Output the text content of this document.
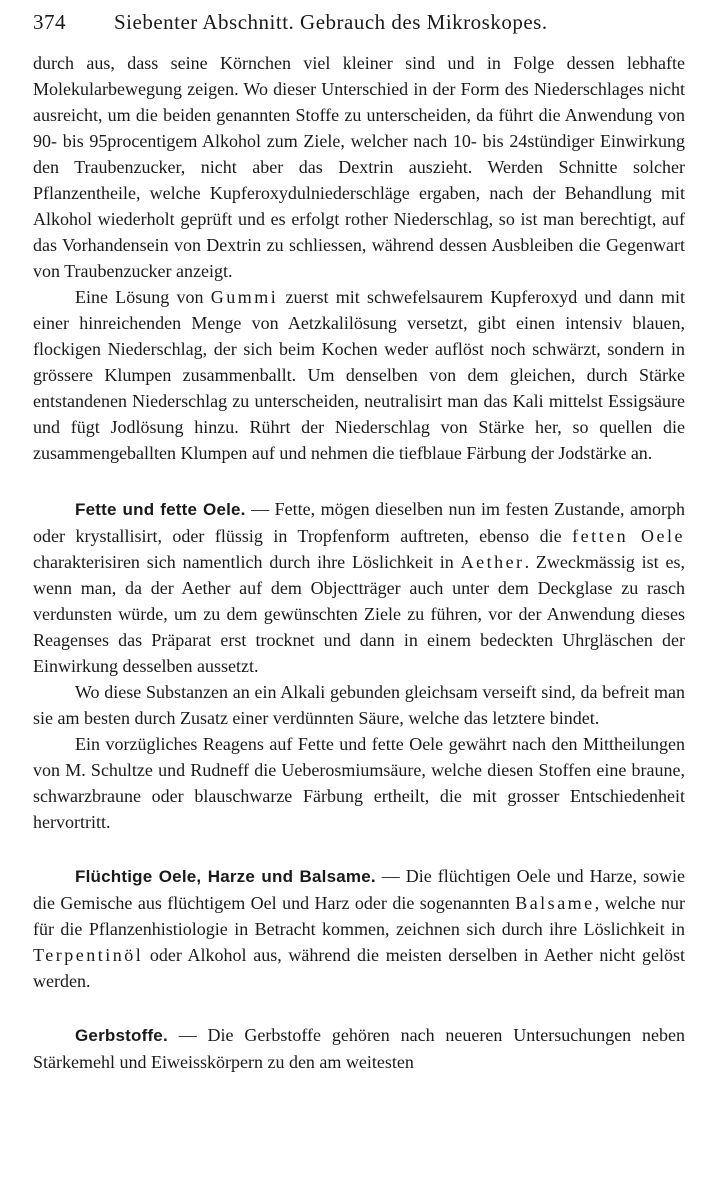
374 Siebenter Abschnitt. Gebrauch des Mikroskopes.

durch aus, dass seine Körnchen viel kleiner sind und in Folge dessen lebhafte Molekularbewegung zeigen. Wo dieser Unterschied in der Form des Niederschlages nicht ausreicht, um die beiden genannten Stoffe zu unterscheiden, da führt die Anwendung von 90- bis 95procentigem Alkohol zum Ziele, welcher nach 10- bis 24stündiger Einwirkung den Traubenzucker, nicht aber das Dextrin auszieht. Werden Schnitte solcher Pflanzentheile, welche Kupferoxydulniederschläge ergaben, nach der Behandlung mit Alkohol wiederholt geprüft und es erfolgt rother Niederschlag, so ist man berechtigt, auf das Vorhandensein von Dextrin zu schliessen, während dessen Ausbleiben die Gegenwart von Traubenzucker anzeigt.

Eine Lösung von Gummi zuerst mit schwefelsaurem Kupferoxyd und dann mit einer hinreichenden Menge von Aetzkalilösung versetzt, gibt einen intensiv blauen, flockigen Niederschlag, der sich beim Kochen weder auflöst noch schwärzt, sondern in grössere Klumpen zusammenballt. Um denselben von dem gleichen, durch Stärke entstandenen Niederschlag zu unterscheiden, neutralisirt man das Kali mittelst Essigsäure und fügt Jodlösung hinzu. Rührt der Niederschlag von Stärke her, so quellen die zusammengeballten Klumpen auf und nehmen die tiefblaue Färbung der Jodstärke an.

Fette und fette Oele. — Fette, mögen dieselben nun im festen Zustande, amorph oder krystallisirt, oder flüssig in Tropfenform auftreten, ebenso die fetten Oele charakterisiren sich namentlich durch ihre Löslichkeit in Aether. Zweckmässig ist es, wenn man, da der Aether auf dem Objectträger auch unter dem Deckglase zu rasch verdunsten würde, um zu dem gewünschten Ziele zu führen, vor der Anwendung dieses Reagenses das Präparat erst trocknet und dann in einem bedeckten Uhrgläschen der Einwirkung desselben aussetzt.

Wo diese Substanzen an ein Alkali gebunden gleichsam verseift sind, da befreit man sie am besten durch Zusatz einer verdünnten Säure, welche das letztere bindet.

Ein vorzügliches Reagens auf Fette und fette Oele gewährt nach den Mittheilungen von M. Schultze und Rudneff die Ueberosmiumsäure, welche diesen Stoffen eine braune, schwarzbraune oder blauschwarze Färbung ertheilt, die mit grosser Entschiedenheit hervortritt.

Flüchtige Oele, Harze und Balsame. — Die flüchtigen Oele und Harze, sowie die Gemische aus flüchtigem Oel und Harz oder die sogenannten Balsame, welche nur für die Pflanzenhistiologie in Betracht kommen, zeichnen sich durch ihre Löslichkeit in Terpentinöl oder Alkohol aus, während die meisten derselben in Aether nicht gelöst werden.

Gerbstoffe. — Die Gerbstoffe gehören nach neueren Untersuchungen neben Stärkemehl und Eiweisskörpern zu den am weitesten
